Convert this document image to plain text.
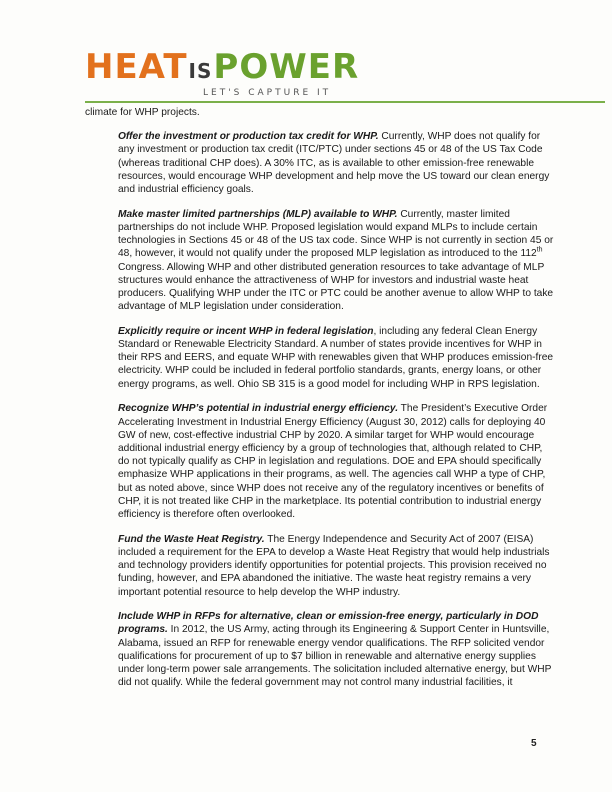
HEATISPOWER
LET'S CAPTURE IT

climate for WHP projects.

Offer the investment or production tax credit for WHP. Currently, WHP does not qualify for any investment or production tax credit (ITC/PTC) under sections 45 or 48 of the US Tax Code (whereas traditional CHP does). A 30% ITC, as is available to other emission-free renewable resources, would encourage WHP development and help move the US toward our clean energy and industrial efficiency goals.

Make master limited partnerships (MLP) available to WHP. Currently, master limited partnerships do not include WHP. Proposed legislation would expand MLPs to include certain technologies in Sections 45 or 48 of the US tax code. Since WHP is not currently in section 45 or 48, however, it would not qualify under the proposed MLP legislation as introduced to the 112th Congress. Allowing WHP and other distributed generation resources to take advantage of MLP structures would enhance the attractiveness of WHP for investors and industrial waste heat producers. Qualifying WHP under the ITC or PTC could be another avenue to allow WHP to take advantage of MLP legislation under consideration.

Explicitly require or incent WHP in federal legislation, including any federal Clean Energy Standard or Renewable Electricity Standard. A number of states provide incentives for WHP in their RPS and EERS, and equate WHP with renewables given that WHP produces emission-free electricity. WHP could be included in federal portfolio standards, grants, energy loans, or other energy programs, as well. Ohio SB 315 is a good model for including WHP in RPS legislation.

Recognize WHP’s potential in industrial energy efficiency. The President’s Executive Order Accelerating Investment in Industrial Energy Efficiency (August 30, 2012) calls for deploying 40 GW of new, cost-effective industrial CHP by 2020. A similar target for WHP would encourage additional industrial energy efficiency by a group of technologies that, although related to CHP, do not typically qualify as CHP in legislation and regulations. DOE and EPA should specifically emphasize WHP applications in their programs, as well. The agencies call WHP a type of CHP, but as noted above, since WHP does not receive any of the regulatory incentives or benefits of CHP, it is not treated like CHP in the marketplace. Its potential contribution to industrial energy efficiency is therefore often overlooked.

Fund the Waste Heat Registry. The Energy Independence and Security Act of 2007 (EISA) included a requirement for the EPA to develop a Waste Heat Registry that would help industrials and technology providers identify opportunities for potential projects. This provision received no funding, however, and EPA abandoned the initiative. The waste heat registry remains a very important potential resource to help develop the WHP industry.

Include WHP in RFPs for alternative, clean or emission-free energy, particularly in DOD programs. In 2012, the US Army, acting through its Engineering & Support Center in Huntsville, Alabama, issued an RFP for renewable energy vendor qualifications. The RFP solicited vendor qualifications for procurement of up to $7 billion in renewable and alternative energy supplies under long-term power sale arrangements. The solicitation included alternative energy, but WHP did not qualify. While the federal government may not control many industrial facilities, it

5
